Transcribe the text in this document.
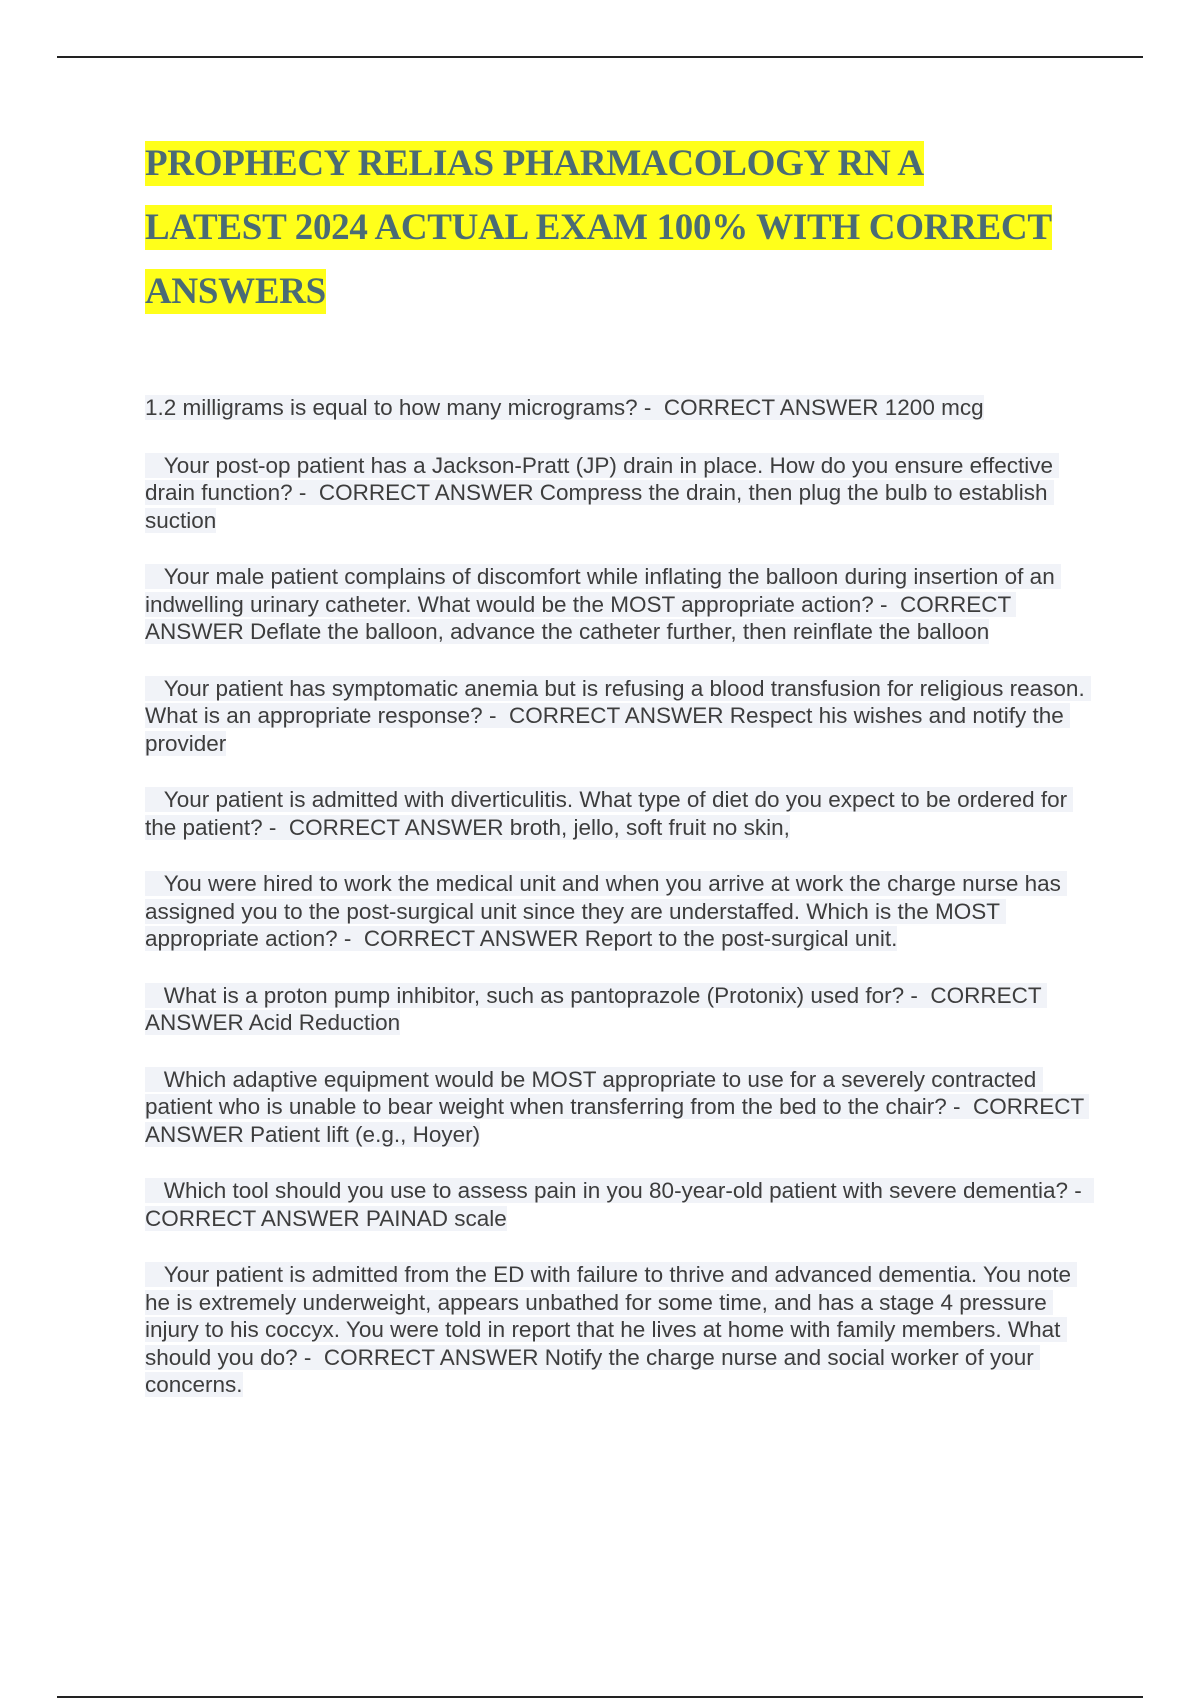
PROPHECY RELIAS PHARMACOLOGY RN A
LATEST 2024 ACTUAL EXAM 100% WITH CORRECT
ANSWERS
1.2 milligrams is equal to how many micrograms? -  CORRECT ANSWER 1200 mcg
Your post-op patient has a Jackson-Pratt (JP) drain in place. How do you ensure effective drain function? -  CORRECT ANSWER Compress the drain, then plug the bulb to establish suction
Your male patient complains of discomfort while inflating the balloon during insertion of an indwelling urinary catheter. What would be the MOST appropriate action? -  CORRECT ANSWER Deflate the balloon, advance the catheter further, then reinflate the balloon
Your patient has symptomatic anemia but is refusing a blood transfusion for religious reason. What is an appropriate response? -  CORRECT ANSWER Respect his wishes and notify the provider
Your patient is admitted with diverticulitis. What type of diet do you expect to be ordered for the patient? -  CORRECT ANSWER broth, jello, soft fruit no skin,
You were hired to work the medical unit and when you arrive at work the charge nurse has assigned you to the post-surgical unit since they are understaffed. Which is the MOST appropriate action? -  CORRECT ANSWER Report to the post-surgical unit.
What is a proton pump inhibitor, such as pantoprazole (Protonix) used for? -  CORRECT ANSWER Acid Reduction
Which adaptive equipment would be MOST appropriate to use for a severely contracted patient who is unable to bear weight when transferring from the bed to the chair? -  CORRECT ANSWER Patient lift (e.g., Hoyer)
Which tool should you use to assess pain in you 80-year-old patient with severe dementia? -  CORRECT ANSWER PAINAD scale
Your patient is admitted from the ED with failure to thrive and advanced dementia. You note he is extremely underweight, appears unbathed for some time, and has a stage 4 pressure injury to his coccyx. You were told in report that he lives at home with family members. What should you do? -  CORRECT ANSWER Notify the charge nurse and social worker of your concerns.
